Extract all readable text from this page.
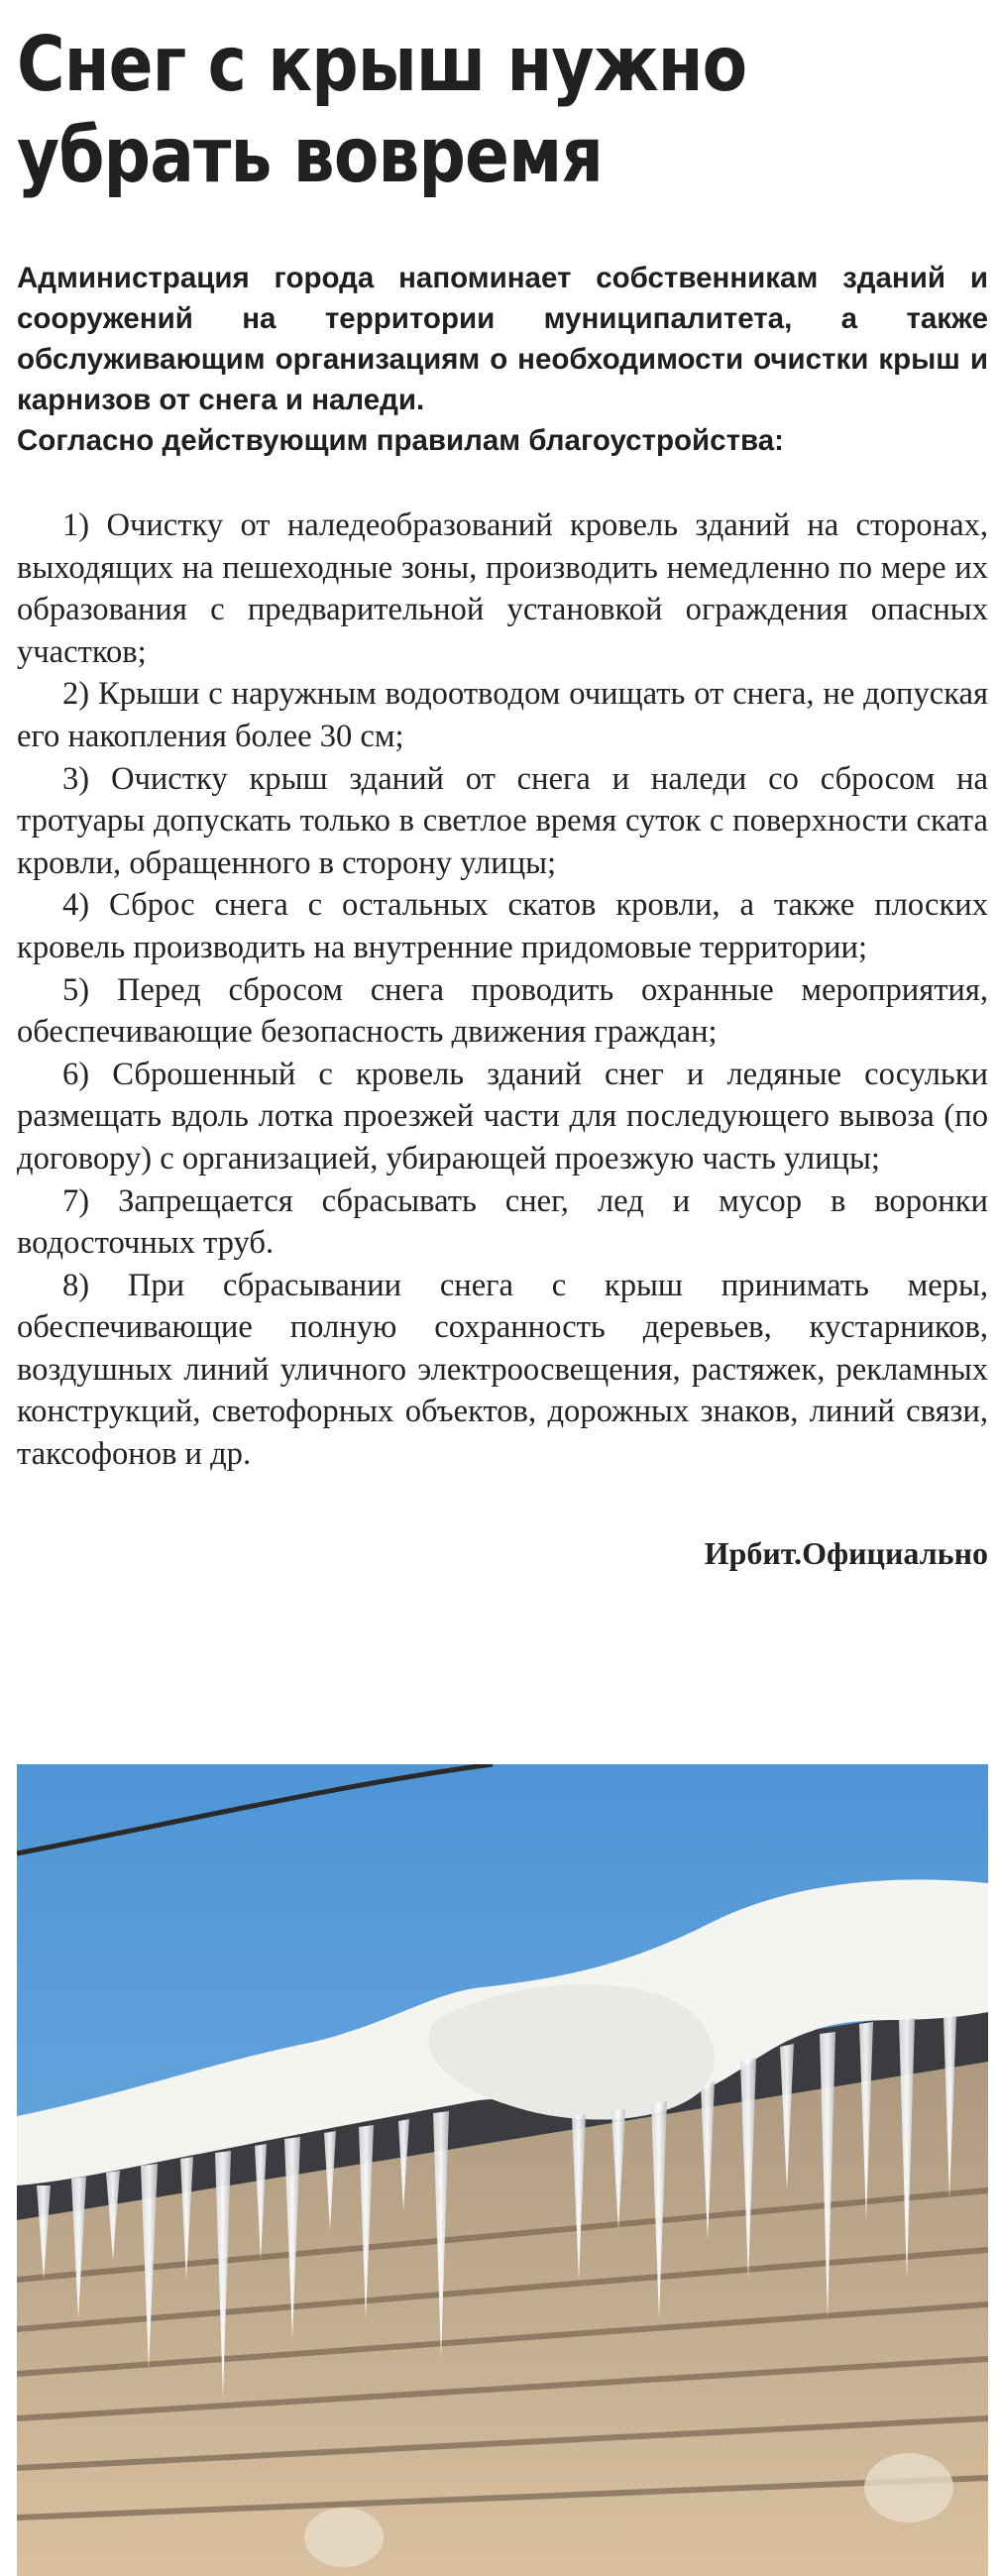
Снег с крыш нужно убрать вовремя

Администрация города напоминает собственникам зданий и сооружений на территории муниципалитета, а также обслуживающим организациям о необходимости очистки крыш и карнизов от снега и наледи.

Согласно действующим правилам благоустройства:

1) Очистку от наледеобразований кровель зданий на сторонах, выходящих на пешеходные зоны, производить немедленно по мере их образования с предварительной установкой ограждения опасных участков;

2) Крыши с наружным водоотводом очищать от снега, не допуская его накопления более 30 см;

3) Очистку крыш зданий от снега и наледи со сбросом на тротуары допускать только в светлое время суток с поверхности ската кровли, обращенного в сторону улицы;

4) Сброс снега с остальных скатов кровли, а также плоских кровель производить на внутренние придомовые территории;

5) Перед сбросом снега проводить охранные мероприятия, обеспечивающие безопасность движения граждан;

6) Сброшенный с кровель зданий снег и ледяные сосульки размещать вдоль лотка проезжей части для последующего вывоза (по договору) с организацией, убирающей проезжую часть улицы;

7) Запрещается сбрасывать снег, лед и мусор в воронки водосточных труб.

8) При сбрасывании снега с крыш принимать меры, обеспечивающие полную сохранность деревьев, кустарников, воздушных линий уличного электроосвещения, растяжек, рекламных конструкций, светофорных объектов, дорожных знаков, линий связи, таксофонов и др.

Ирбит.Официально
